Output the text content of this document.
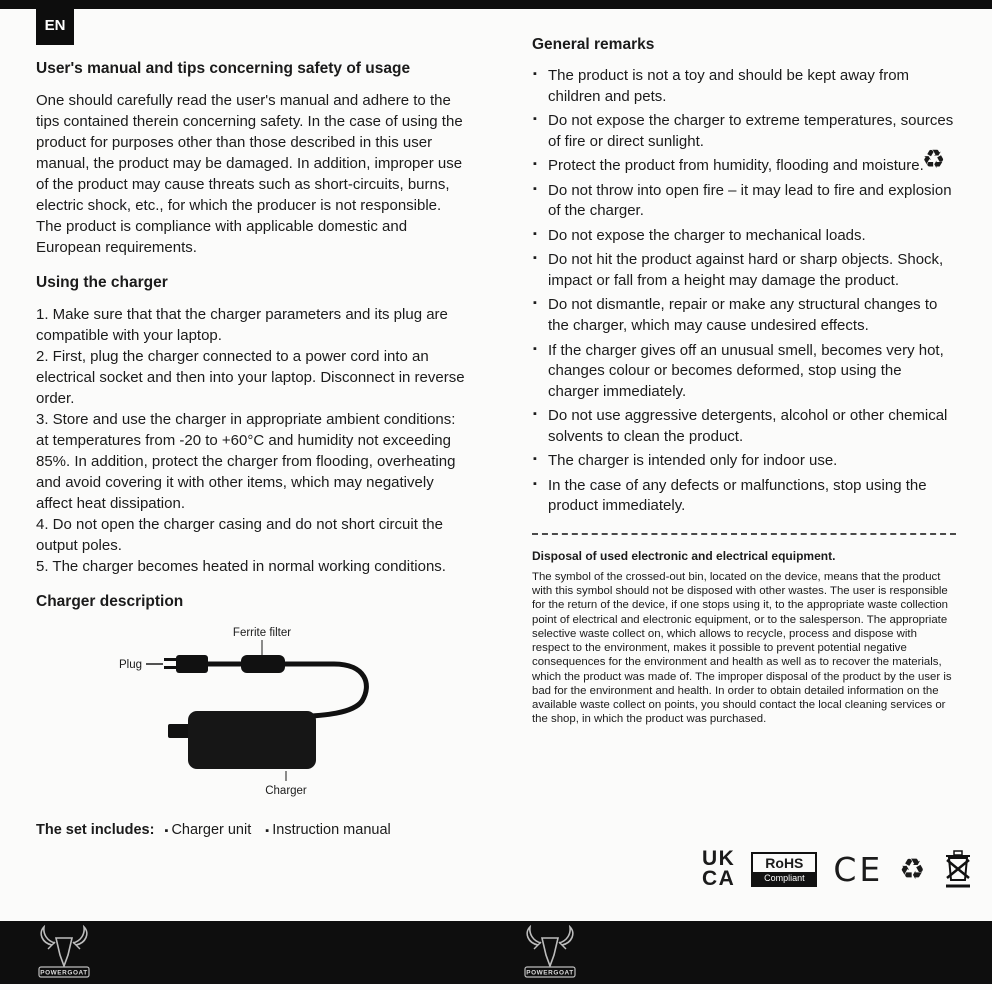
EN
♻
User's manual and tips concerning safety of usage

One should carefully read the user's manual and adhere to the tips contained therein concerning safety. In the case of using the product for purposes other than those described in this user manual, the product may be damaged. In addition, improper use of the product may cause threats such as short-circuits, burns, electric shock, etc., for which the producer is not responsible. The product is compliance with applicable domestic and European requirements.

Using the charger

1. Make sure that that the charger parameters and its plug are compatible with your laptop.

2. First, plug the charger connected to a power cord into an electrical socket and then into your laptop. Disconnect in reverse order.

3. Store and use the charger in appropriate ambient conditions: at temperatures from -20 to +60°C and humidity not exceeding 85%. In addition, protect the charger from flooding, overheating and avoid covering it with other items, which may negatively affect heat dissipation.

4. Do not open the charger casing and do not short circuit the output poles.

5. The charger becomes heated in normal working conditions.

Charger description
Ferrite filter
Plug
Charger
The set includes: ▪ Charger unit ▪ Instruction manual
General remarks
▪ The product is not a toy and should be kept away from children and pets.
▪ Do not expose the charger to extreme temperatures, sources of fire or direct sunlight.
▪ Protect the product from humidity, flooding and moisture.
▪ Do not throw into open fire – it may lead to fire and explosion of the charger.
▪ Do not expose the charger to mechanical loads.
▪ Do not hit the product against hard or sharp objects. Shock, impact or fall from a height may damage the product.
▪ Do not dismantle, repair or make any structural changes to the charger, which may cause undesired effects.
▪ If the charger gives off an unusual smell, becomes very hot, changes colour or becomes deformed, stop using the charger immediately.
▪ Do not use aggressive detergents, alcohol or other chemical solvents to clean the product.
▪ The charger is intended only for indoor use.
▪ In the case of any defects or malfunctions, stop using the product immediately.
Disposal of used electronic and electrical equipment.

The symbol of the crossed-out bin, located on the device, means that the product with this symbol should not be disposed with other wastes. The user is responsible for the return of the device, if one stops using it, to the appropriate waste collection point of electrical and electronic equipment, or to the salesperson. The appropriate selective waste collect on, which allows to recycle, process and dispose with respect to the environment, makes it possible to prevent potential negative consequences for the environment and health as well as to recover the materials, which the product was made of. The improper disposal of the product by the user is bad for the environment and health. In order to obtain detailed information on the available waste collect on points, you should contact the local cleaning services or the shop, in which the product was purchased.

UK
CA
RoHS
Compliant CE ♻
POWERGOAT	POWERGOAT
